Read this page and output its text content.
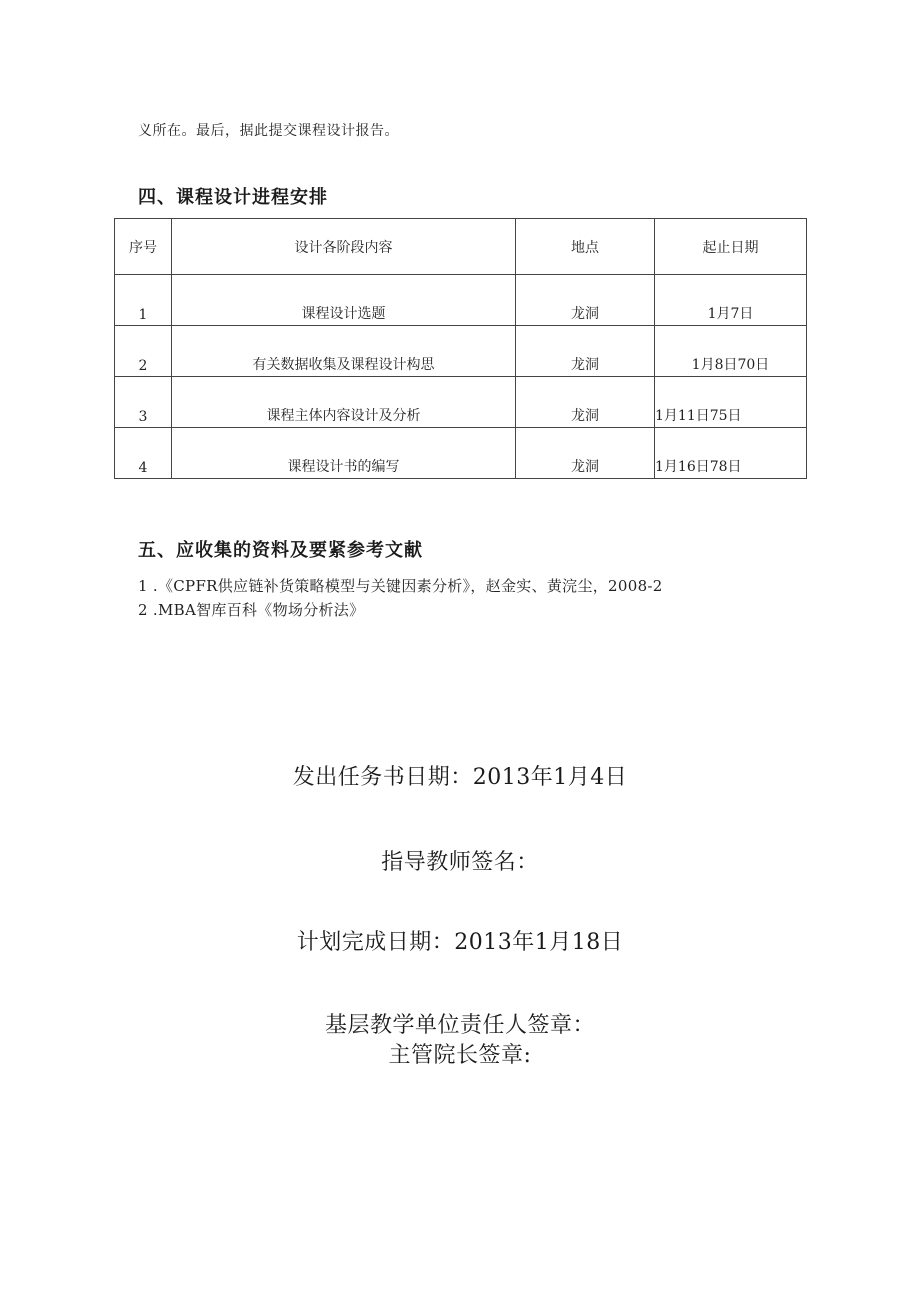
义所在。最后，据此提交课程设计报告。
四、课程设计进程安排
序号	设计各阶段内容	地点	起止日期
1	课程设计选题	龙洞	1月7日
2	有关数据收集及课程设计构思	龙洞	1月8日70日
3	课程主体内容设计及分析	龙洞	1月11日75日
4	课程设计书的编写	龙洞	1月16日78日
五、应收集的资料及要紧参考文献
1 .《CPFR供应链补货策略模型与关键因素分析》，赵金实、黄浣尘，2008-2
2 .MBA智库百科《物场分析法》
发出任务书日期：2013年1月4日
指导教师签名：
计划完成日期：2013年1月18日
基层教学单位责任人签章：
主管院长签章:
